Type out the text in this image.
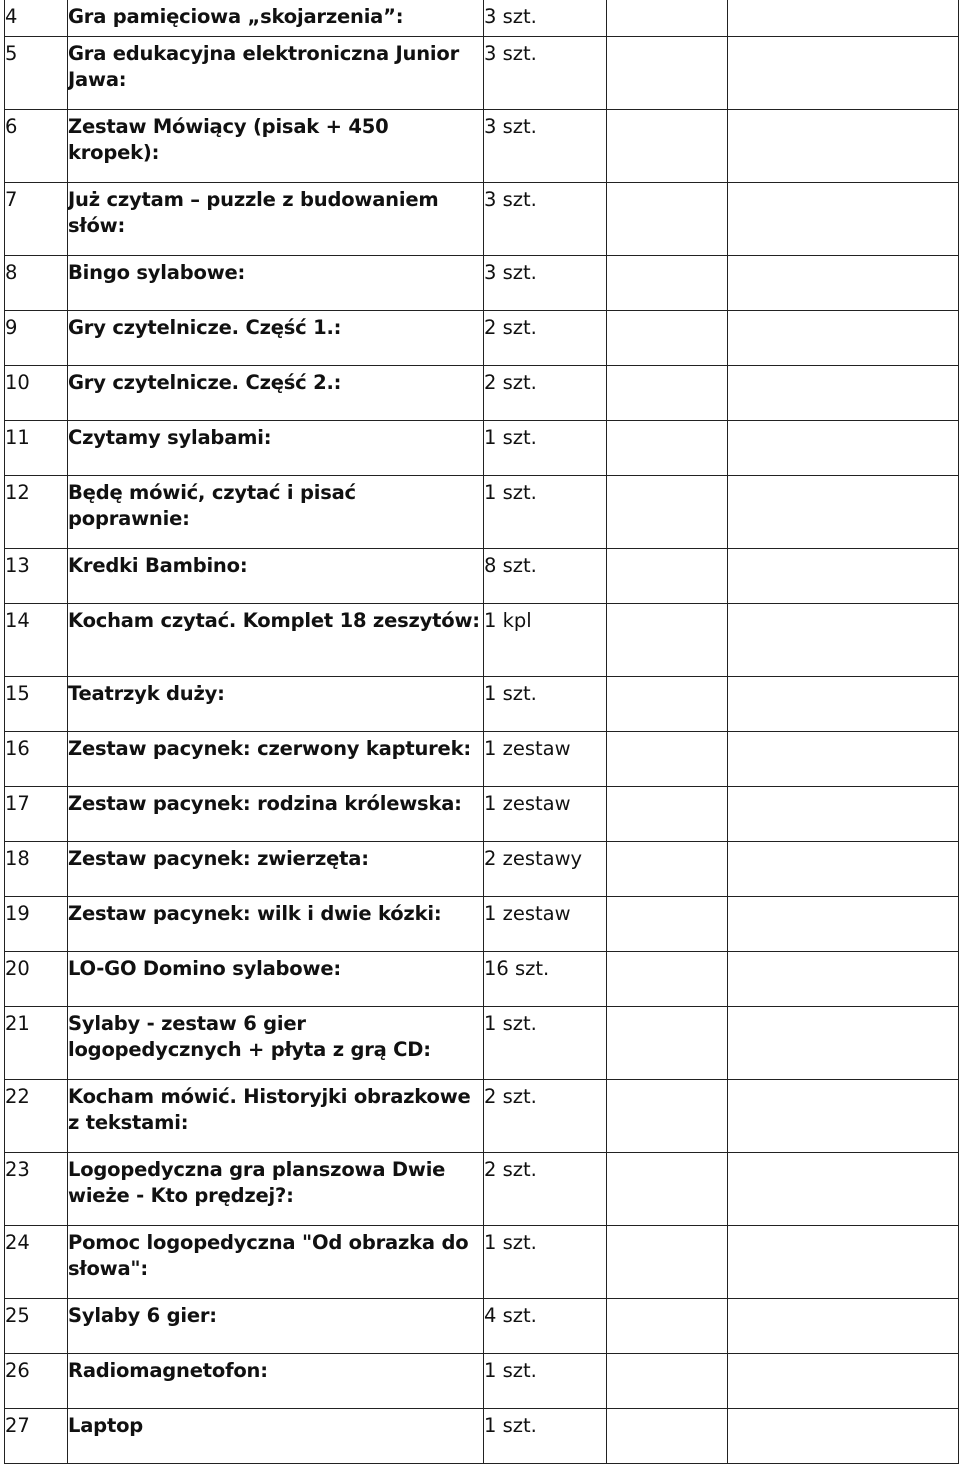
4	Gra pamięciowa „skojarzenia”:	3 szt.		
5	Gra edukacyjna elektroniczna Junior Jawa:	3 szt.		
6	Zestaw Mówiący (pisak + 450 kropek):	3 szt.		
7	Już czytam – puzzle z budowaniem słów:	3 szt.		
8	Bingo sylabowe:	3 szt.		
9	Gry czytelnicze. Część 1.:	2 szt.		
10	Gry czytelnicze. Część 2.:	2 szt.		
11	Czytamy sylabami:	1 szt.		
12	Będę mówić, czytać i pisać poprawnie:	1 szt.		
13	Kredki Bambino:	8 szt.		
14	Kocham czytać. Komplet 18 zeszytów:	1 kpl		
15	Teatrzyk duży:	1 szt.		
16	Zestaw pacynek: czerwony kapturek:	1 zestaw		
17	Zestaw pacynek: rodzina królewska:	1 zestaw		
18	Zestaw pacynek: zwierzęta:	2 zestawy		
19	Zestaw pacynek: wilk i dwie kózki:	1 zestaw		
20	LO-GO Domino sylabowe:	16 szt.		
21	Sylaby - zestaw 6 gier logopedycznych + płyta z grą CD:	1 szt.		
22	Kocham mówić. Historyjki obrazkowe z tekstami:	2 szt.		
23	Logopedyczna gra planszowa Dwie wieże - Kto prędzej?:	2 szt.		
24	Pomoc logopedyczna "Od obrazka do słowa":	1 szt.		
25	Sylaby 6 gier:	4 szt.		
26	Radiomagnetofon:	1 szt.		
27	Laptop	1 szt.		
